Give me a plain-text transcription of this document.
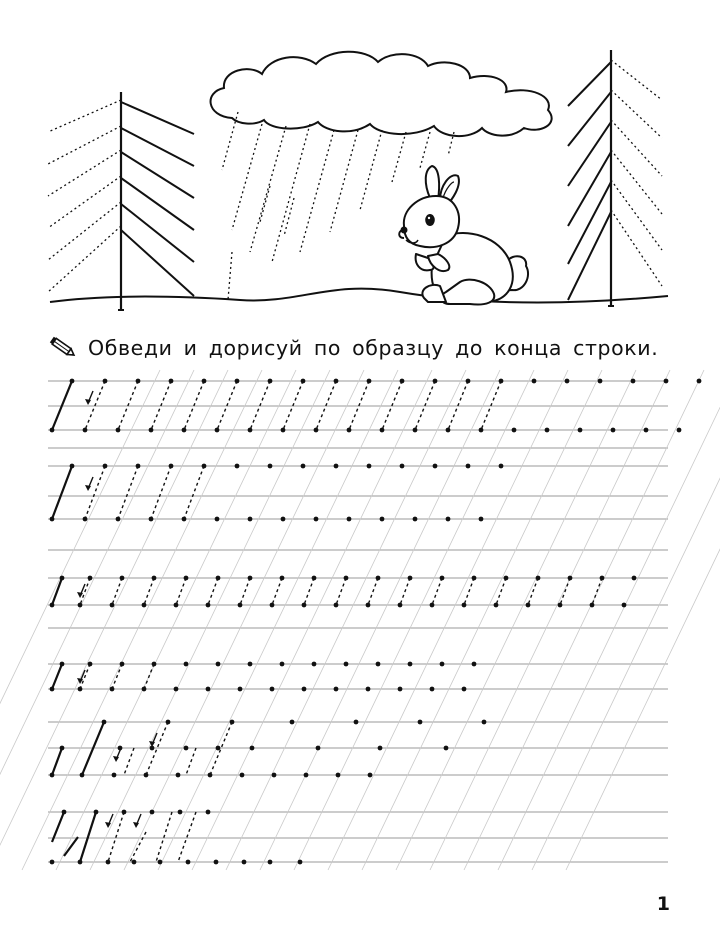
Обведи и дорисуй по образцу до конца строки.
1
